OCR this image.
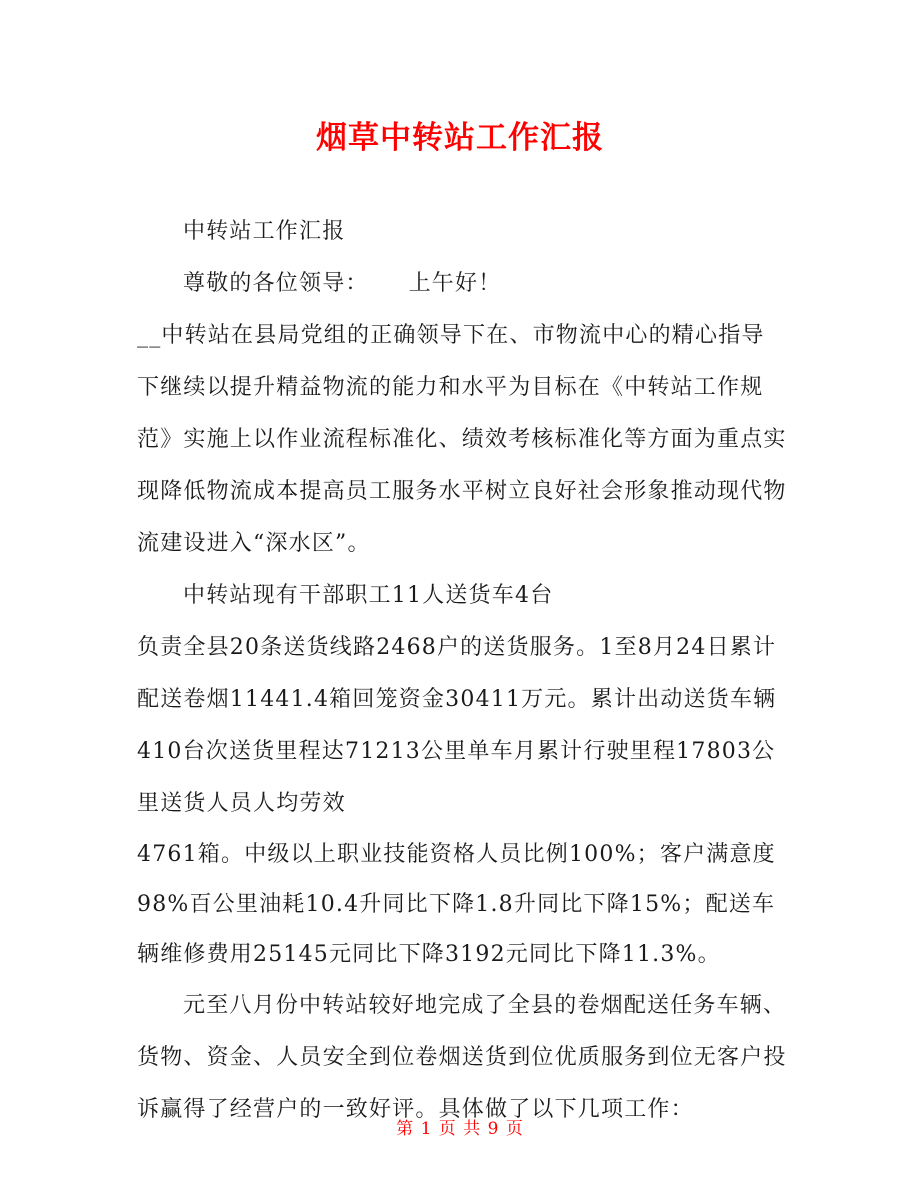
烟草中转站工作汇报

中转站工作汇报

尊敬的各位领导： 上午好！

__中转站在县局党组的正确领导下在、市物流中心的精心指导下继续以提升精益物流的能力和水平为目标在《中转站工作规范》实施上以作业流程标准化、绩效考核标准化等方面为重点实现降低物流成本提高员工服务水平树立良好社会形象推动现代物流建设进入“深水区”。

中转站现有干部职工11人送货车4台

负责全县20条送货线路2468户的送货服务。1至8月24日累计配送卷烟11441.4箱回笼资金30411万元。累计出动送货车辆410台次送货里程达71213公里单车月累计行驶里程17803公里送货人员人均劳效

4761箱。中级以上职业技能资格人员比例100%；客户满意度98%百公里油耗10.4升同比下降1.8升同比下降15%；配送车辆维修费用25145元同比下降3192元同比下降11.3%。

元至八月份中转站较好地完成了全县的卷烟配送任务车辆、货物、资金、人员安全到位卷烟送货到位优质服务到位无客户投诉赢得了经营户的一致好评。具体做了以下几项工作：

第 1 页 共 9 页
